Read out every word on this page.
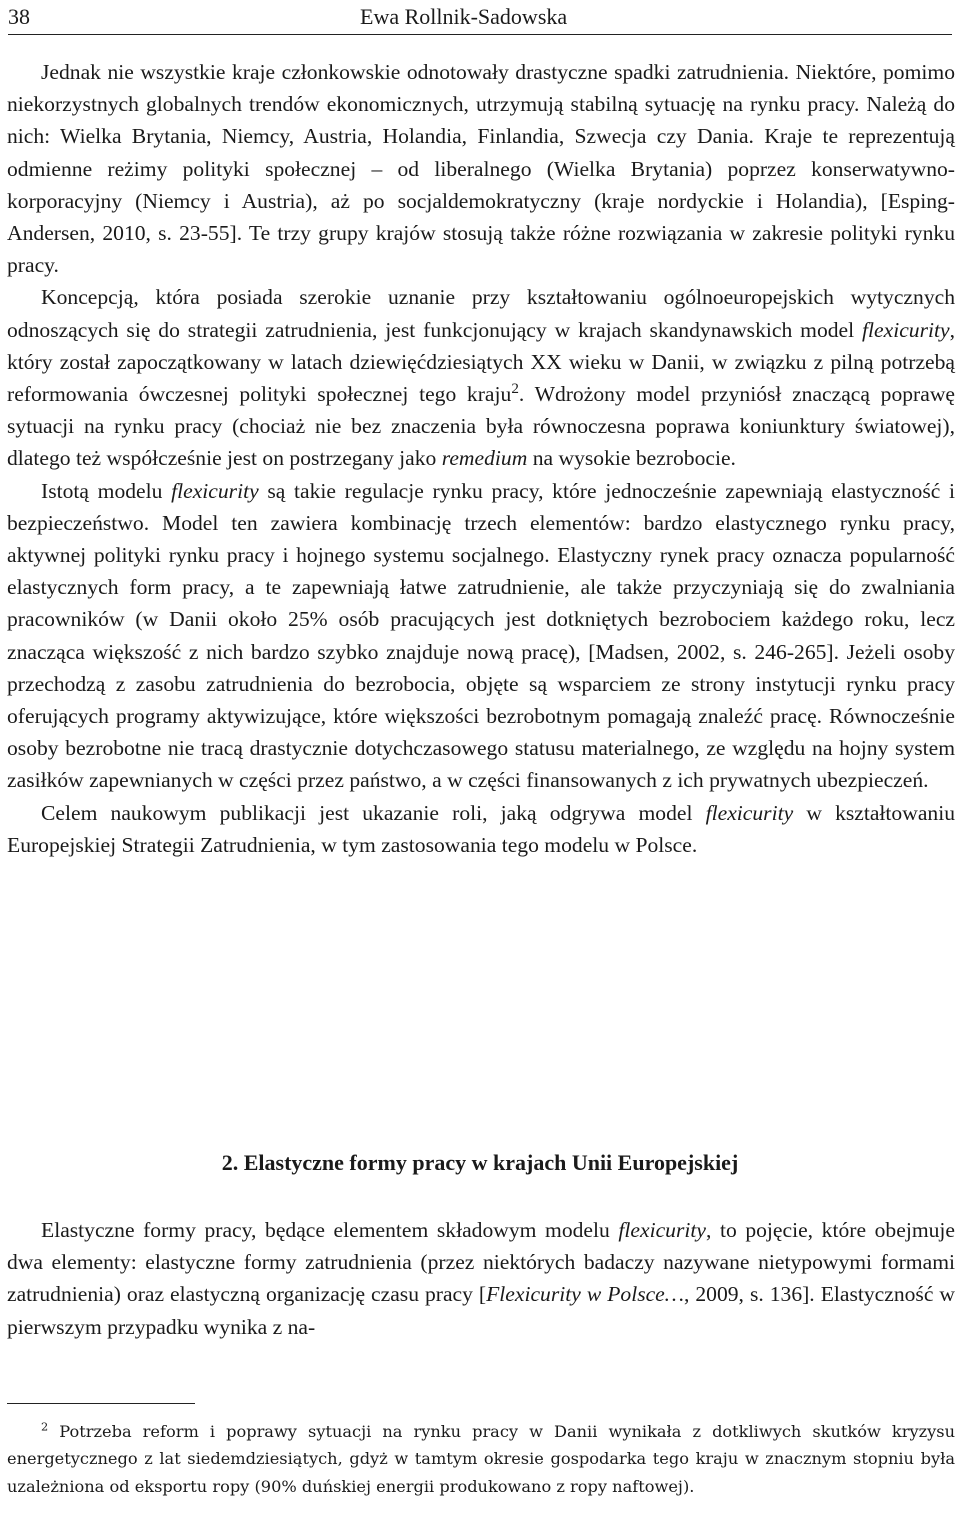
38	Ewa Rollnik-Sadowska

Jednak nie wszystkie kraje członkowskie odnotowały drastyczne spadki zatrudnienia. Niektóre, pomimo niekorzystnych globalnych trendów ekonomicznych, utrzymują stabilną sytuację na rynku pracy. Należą do nich: Wielka Brytania, Niemcy, Austria, Holandia, Finlandia, Szwecja czy Dania. Kraje te reprezentują odmienne reżimy polityki społecznej – od liberalnego (Wielka Brytania) poprzez konserwatywno-korporacyjny (Niemcy i Austria), aż po socjaldemokratyczny (kraje nordyckie i Holandia), [Esping-Andersen, 2010, s. 23-55]. Te trzy grupy krajów stosują także różne rozwiązania w zakresie polityki rynku pracy.

Koncepcją, która posiada szerokie uznanie przy kształtowaniu ogólnoeuropejskich wytycznych odnoszących się do strategii zatrudnienia, jest funkcjonujący w krajach skandynawskich model flexicurity, który został zapoczątkowany w latach dziewięćdziesiątych XX wieku w Danii, w związku z pilną potrzebą reformowania ówczesnej polityki społecznej tego kraju$^2$. Wdrożony model przyniósł znaczącą poprawę sytuacji na rynku pracy (chociaż nie bez znaczenia była równoczesna poprawa koniunktury światowej), dlatego też współcześnie jest on postrzegany jako remedium na wysokie bezrobocie.

Istotą modelu flexicurity są takie regulacje rynku pracy, które jednocześnie zapewniają elastyczność i bezpieczeństwo. Model ten zawiera kombinację trzech elementów: bardzo elastycznego rynku pracy, aktywnej polityki rynku pracy i hojnego systemu socjalnego. Elastyczny rynek pracy oznacza popularność elastycznych form pracy, a te zapewniają łatwe zatrudnienie, ale także przyczyniają się do zwalniania pracowników (w Danii około 25% osób pracujących jest dotkniętych bezrobociem każdego roku, lecz znacząca większość z nich bardzo szybko znajduje nową pracę), [Madsen, 2002, s. 246-265]. Jeżeli osoby przechodzą z zasobu zatrudnienia do bezrobocia, objęte są wsparciem ze strony instytucji rynku pracy oferujących programy aktywizujące, które większości bezrobotnym pomagają znaleźć pracę. Równocześnie osoby bezrobotne nie tracą drastycznie dotychczasowego statusu materialnego, ze względu na hojny system zasiłków zapewnianych w części przez państwo, a w części finansowanych z ich prywatnych ubezpieczeń.

Celem naukowym publikacji jest ukazanie roli, jaką odgrywa model flexicurity w kształtowaniu Europejskiej Strategii Zatrudnienia, w tym zastosowania tego modelu w Polsce.

2. Elastyczne formy pracy w krajach Unii Europejskiej

Elastyczne formy pracy, będące elementem składowym modelu flexicurity, to pojęcie, które obejmuje dwa elementy: elastyczne formy zatrudnienia (przez niektórych badaczy nazywane nietypowymi formami zatrudnienia) oraz elastyczną organizację czasu pracy [Flexicurity w Polsce…, 2009, s. 136]. Elastyczność w pierwszym przypadku wynika z na-

$^2$ Potrzeba reform i poprawy sytuacji na rynku pracy w Danii wynikała z dotkliwych skutków kryzysu energetycznego z lat siedemdziesiątych, gdyż w tamtym okresie gospodarka tego kraju w znacznym stopniu była uzależniona od eksportu ropy (90% duńskiej energii produkowano z ropy naftowej).
